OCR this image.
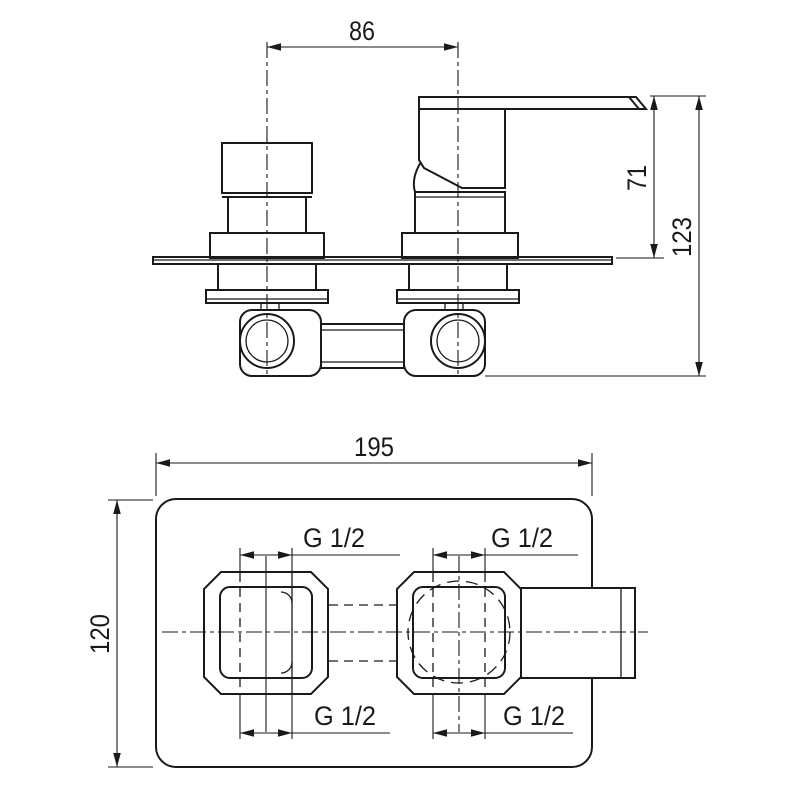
86
71
123
195
120
G 1/2	G 1/2
G 1/2	G 1/2
